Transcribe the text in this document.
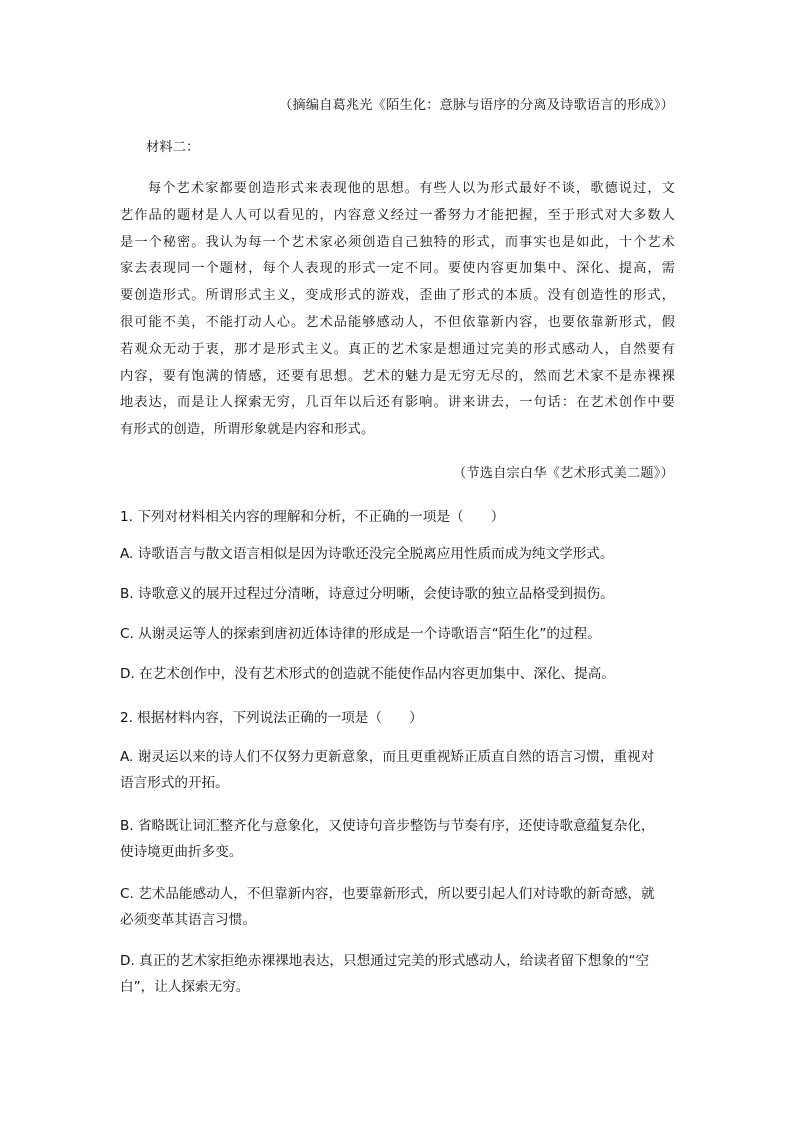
（摘编自葛兆光《陌生化：意脉与语序的分离及诗歌语言的形成》）
材料二：
每个艺术家都要创造形式来表现他的思想。有些人以为形式最好不谈，歌德说过，文
艺作品的题材是人人可以看见的，内容意义经过一番努力才能把握，至于形式对大多数人
是一个秘密。我认为每一个艺术家必须创造自己独特的形式，而事实也是如此，十个艺术
家去表现同一个题材，每个人表现的形式一定不同。要使内容更加集中、深化、提高，需
要创造形式。所谓形式主义，变成形式的游戏，歪曲了形式的本质。没有创造性的形式，
很可能不美，不能打动人心。艺术品能够感动人，不但依靠新内容，也要依靠新形式，假
若观众无动于衷，那才是形式主义。真正的艺术家是想通过完美的形式感动人，自然要有
内容，要有饱满的情感，还要有思想。艺术的魅力是无穷无尽的，然而艺术家不是赤裸裸
地表达，而是让人探索无穷，几百年以后还有影响。讲来讲去，一句话：在艺术创作中要
有形式的创造，所谓形象就是内容和形式。
（节选自宗白华《艺术形式美二题》）
1. 下列对材料相关内容的理解和分析，不正确的一项是（　　）
A. 诗歌语言与散文语言相似是因为诗歌还没完全脱离应用性质而成为纯文学形式。
B. 诗歌意义的展开过程过分清晰，诗意过分明晰，会使诗歌的独立品格受到损伤。
C. 从谢灵运等人的探索到唐初近体诗律的形成是一个诗歌语言“陌生化”的过程。
D. 在艺术创作中，没有艺术形式的创造就不能使作品内容更加集中、深化、提高。
2. 根据材料内容，下列说法正确的一项是（　　）
A. 谢灵运以来的诗人们不仅努力更新意象，而且更重视矫正质直自然的语言习惯，重视对
语言形式的开拓。
B. 省略既让词汇整齐化与意象化，又使诗句音步整饬与节奏有序，还使诗歌意蕴复杂化，
使诗境更曲折多变。
C. 艺术品能感动人，不但靠新内容，也要靠新形式，所以要引起人们对诗歌的新奇感，就
必须变革其语言习惯。
D. 真正的艺术家拒绝赤裸裸地表达，只想通过完美的形式感动人，给读者留下想象的“空
白”，让人探索无穷。
